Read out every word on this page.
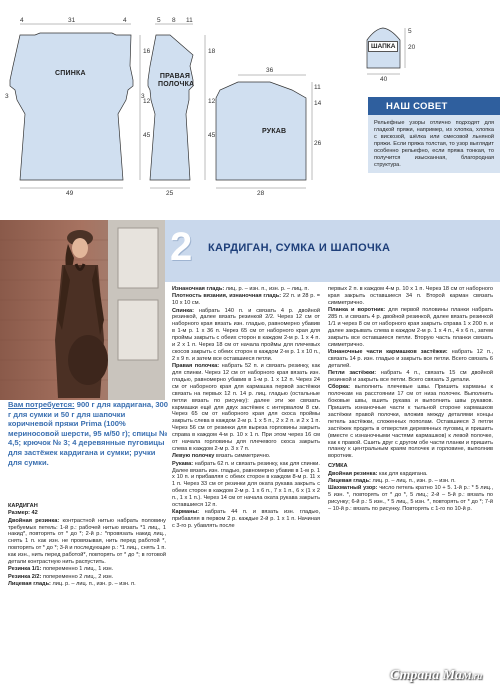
СПИНКА
4	31	4
16
3
12
45
49
ПРАВАЯ
ПОЛОЧКА
5 8 11
18
3
12
45
25
РУКАВ
36
11
14
26
28
ШАПКА
5
20
40
НАШ СОВЕТ
Рельефные узоры отлично подходят для гладкой пряжи, например, из хлопка, хлопка с вискозой, шёлка или смесовой льняной пряжи. Если пряжа толстая, то узор выглядит особенно рельефно, если пряжа тонкая, то получится изысканная, благородная структура.
2 КАРДИГАН, СУМКА И ШАПОЧКА
Вам потребуется: 900 г для кардигана, 300 г для сумки и 50 г для шапочки коричневой пряжи Prima (100% мериносовой шерсти, 95 м/50 г); спицы № 4,5; крючок № 3; 4 деревянные пуговицы для застёжек кардигана и сумки; ручки для сумки.

КАРДИГАН

Размер: 42

Двойная резинка: контрастной нитью набрать половину требуемых петель: 1-й р.: рабочей нитью вязать *1 лиц., 1 накид*, повторять от * до *; 2-й р.: *провязать накид лиц., снять 1 п. как изн. не провязывая, нить перед работой *, повторять от * до *; 3-й и последующие р.: *1 лиц., снять 1 п. как изн., нить перед работой*, повторять от * до *; в готовой детали контрастную нить распустить.

Резинка 1/1: попеременно 1 лиц., 1 изн.

Резинка 2/2: попеременно 2 лиц., 2 изн.

Лицевая гладь: лиц. р. – лиц. п., изн. р. – изн. п.

Изнаночная гладь: лиц. р. – изн. п., изн. р. – лиц. п.

Плотность вязания, изнаночная гладь: 22 п. и 28 р. = 10 х 10 см.

Спинка: набрать 140 п. и связать 4 р. двойной резинкой, далее вязать резинкой 2/2. Через 12 см от наборного края вязать изн. гладью, равномерно убавив в 1-м р. 1 х 36 п. Через 65 см от наборного края для проймы закрыть с обеих сторон в каждом 2-м р. 1 х 4 п. и 2 х 1 п. Через 18 см от начала проймы для плечевых скосов закрыть с обеих сторон в каждом 2-м р. 1 х 10 п., 2 х 9 п. и затем все оставшиеся петли.

Правая полочка: набрать 52 п. и связать резинку, как для спинки. Через 12 см от наборного края вязать изн. гладью, равномерно убавив в 1-м р. 1 х 12 п. Через 24 см от наборного края для кармашка первой застёжки связать на первых 12 п. 14 р. лиц. гладью (остальные петли вязать по рисунку): далее эти же связать кармашки ещё для двух застёжек с интервалом 8 см. Через 65 см от наборного края для скоса проймы закрыть слева в каждом 2-м р. 1 х 5 п., 2 х 2 п. и 2 х 1 п. Через 56 см от резинки для выреза горловины закрыть справа в каждом 4-м р. 10 х 1 п. При этом через 16 см от начала горловины для плечевого скоса закрыть слева в каждом 2-м р. 3 х 7 п.

Левую полочку вязать симметрично.

Рукава: набрать 62 п. и связать резинку, как для спинки. Далее вязать изн. гладью, равномерно убавив в 1-м р. 1 х 10 п. и прибавляя с обеих сторон в каждом 8-м р. 11 х 1 п. Через 33 см от резинки для оката рукава закрыть с обеих сторон в каждом 2-м р. 1 х 6 п., 7 х 1 п., 6 х (1 х 2 п., 1 х 1 п.). Через 14 см от начала оката рукава закрыть оставшиеся 12 п.

Карманы: набрать 44 п. и вязать изн. гладью, прибавляя в первом 2 р. каждые 2-й р. 1 х 1 п. Начиная с 3-го р. убавлять после

первых 2 п. в каждом 4-м р. 10 х 1 п. Через 18 см от наборного края закрыть оставшиеся 34 п. Второй карман связать симметрично.

Планка и воротник: для первой половины планки набрать 285 п. и связать 4 р. двойной резинкой, далее вязать резинкой 1/1 и через 8 см от наборного края закрыть справа 1 х 200 п. и далее закрывать слева в каждом 2-м р. 1 х 4 п., 4 х 6 п., затем закрыть все оставшиеся петли. Вторую часть планки связать симметрично.

Изнаночные части кармашков застёжки: набрать 12 п., связать 14 р. изн. гладью и закрыть все петли. Всего связать 6 деталей.

Петли застёжки: набрать 4 п., связать 15 см двойной резинкой и закрыть все петли. Всего связать 3 детали.

Сборка: выполнить плечевые швы. Пришить карманы к полочкам на расстоянии 17 см от низа полочек. Выполнить боковые швы, вшить рукава и выполнить швы рукавов. Пришить изнаночные части к тыльной стороне кармашков застёжки правой полочки, вложив между деталями концы петель застёжки, сложенных пополам. Оставшиеся 3 петли застёжек продеть в отверстия деревянных пуговиц и пришить (вместе с изнаночными частями кармашков) к левой полочке, как к правой. Сшить друг с другом обе части планки и пришить планку к центральным краям полочек и горловине, выполнив воротник.

СУМКА

Двойная резинка: как для кардигана.

Лицевая гладь: лиц. р. – лиц. п., изн. р. – изн. п.

Шахматный узор: число петель кратно 10 + 5. 1-й р.: * 5 лиц., 5 изн. *, повторять от * до *, 5 лиц.; 2-й – 5-й р.: вязать по рисунку; 6-й р.: 5 изн., * 5 лиц., 5 изн. *, повторять от * до *; 7-й – 10-й р.: вязать по рисунку. Повторять с 1-го по 10-й р.

Страна Мам.ru
